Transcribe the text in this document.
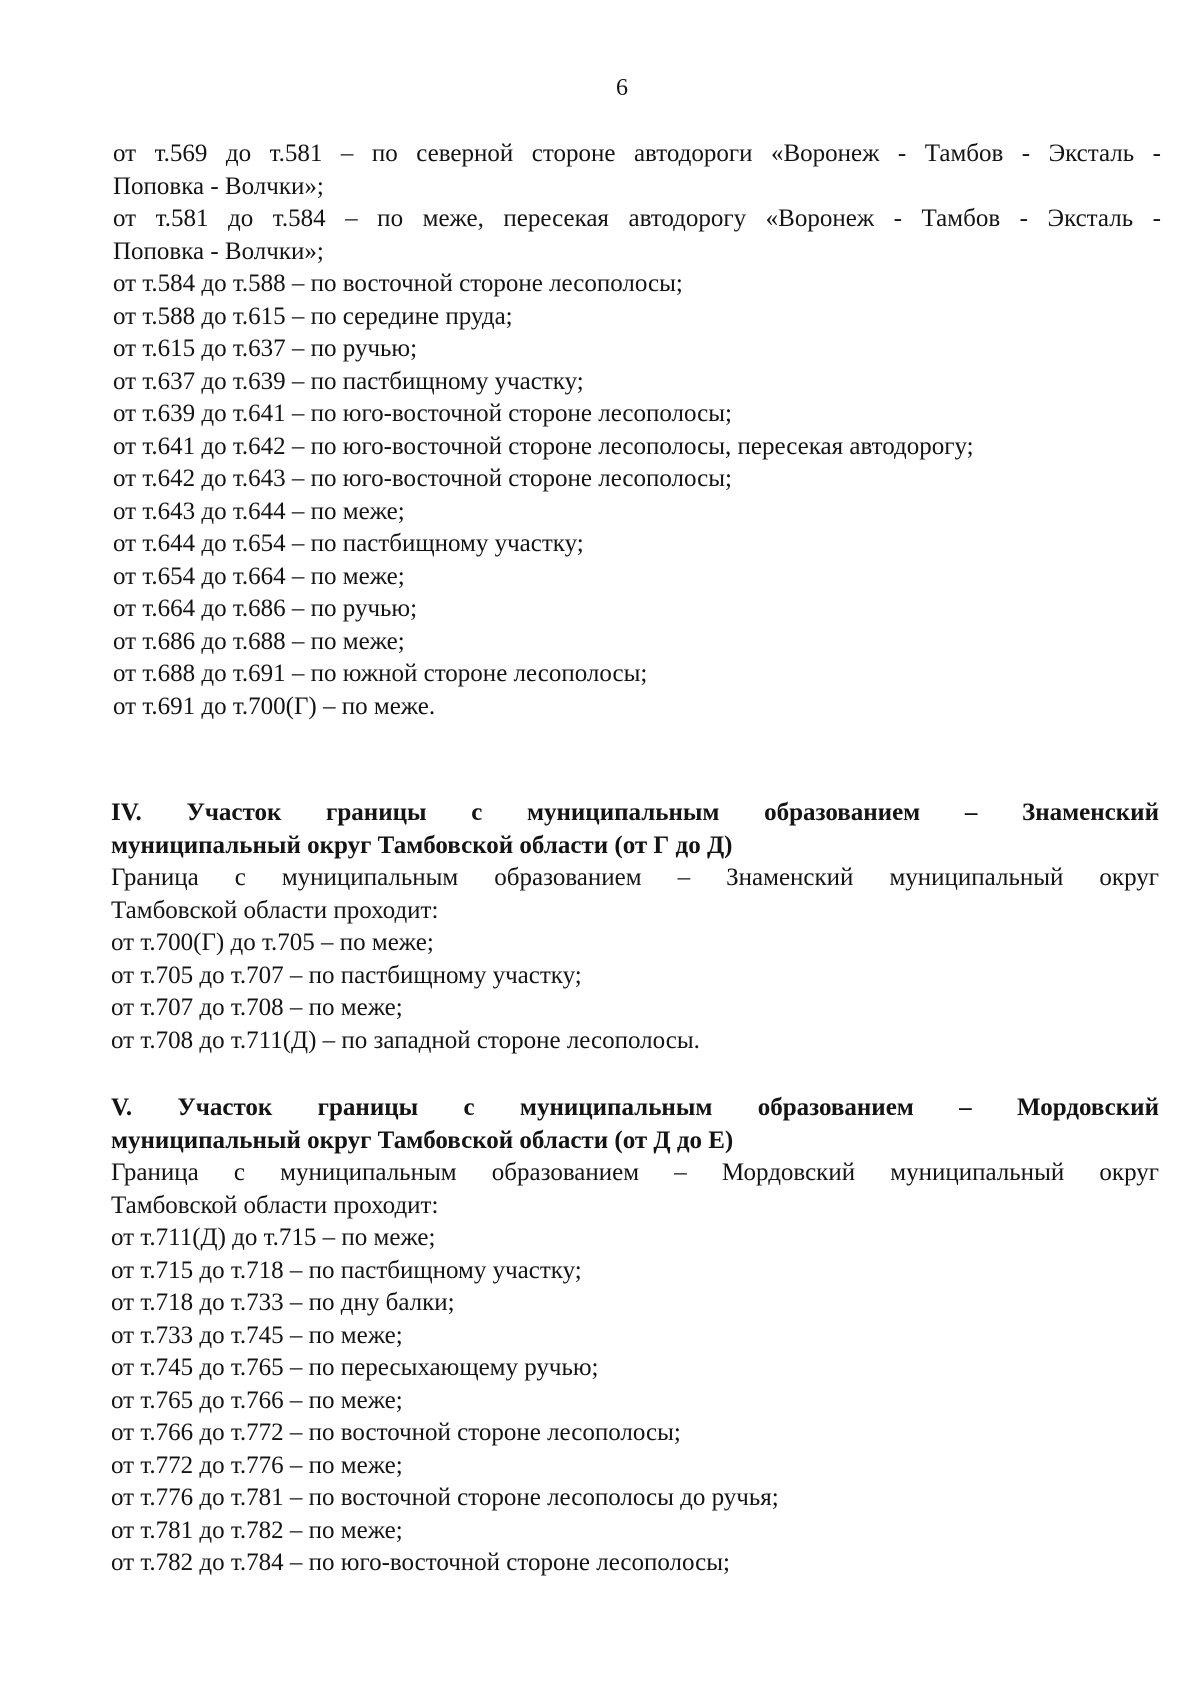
6

от т.569 до т.581 – по северной стороне автодороги «Воронеж - Тамбов - Эксталь -

Поповка - Волчки»;

от т.581 до т.584 – по меже, пересекая автодорогу «Воронеж - Тамбов - Эксталь -

Поповка - Волчки»;

от т.584 до т.588 – по восточной стороне лесополосы;

от т.588 до т.615 – по середине пруда;

от т.615 до т.637 – по ручью;

от т.637 до т.639 – по пастбищному участку;

от т.639 до т.641 – по юго-восточной стороне лесополосы;

от т.641 до т.642 – по юго-восточной стороне лесополосы, пересекая автодорогу;

от т.642 до т.643 – по юго-восточной стороне лесополосы;

от т.643 до т.644 – по меже;

от т.644 до т.654 – по пастбищному участку;

от т.654 до т.664 – по меже;

от т.664 до т.686 – по ручью;

от т.686 до т.688 – по меже;

от т.688 до т.691 – по южной стороне лесополосы;

от т.691 до т.700(Г) – по меже.

IV. Участок границы с муниципальным образованием – Знаменский

муниципальный округ Тамбовской области (от Г до Д)

Граница с муниципальным образованием – Знаменский муниципальный округ

Тамбовской области проходит:

от т.700(Г) до т.705 – по меже;

от т.705 до т.707 – по пастбищному участку;

от т.707 до т.708 – по меже;

от т.708 до т.711(Д) – по западной стороне лесополосы.

V. Участок границы с муниципальным образованием – Мордовский

муниципальный округ Тамбовской области (от Д до Е)

Граница с муниципальным образованием – Мордовский муниципальный округ

Тамбовской области проходит:

от т.711(Д) до т.715 – по меже;

от т.715 до т.718 – по пастбищному участку;

от т.718 до т.733 – по дну балки;

от т.733 до т.745 – по меже;

от т.745 до т.765 – по пересыхающему ручью;

от т.765 до т.766 – по меже;

от т.766 до т.772 – по восточной стороне лесополосы;

от т.772 до т.776 – по меже;

от т.776 до т.781 – по восточной стороне лесополосы до ручья;

от т.781 до т.782 – по меже;

от т.782 до т.784 – по юго-восточной стороне лесополосы;
